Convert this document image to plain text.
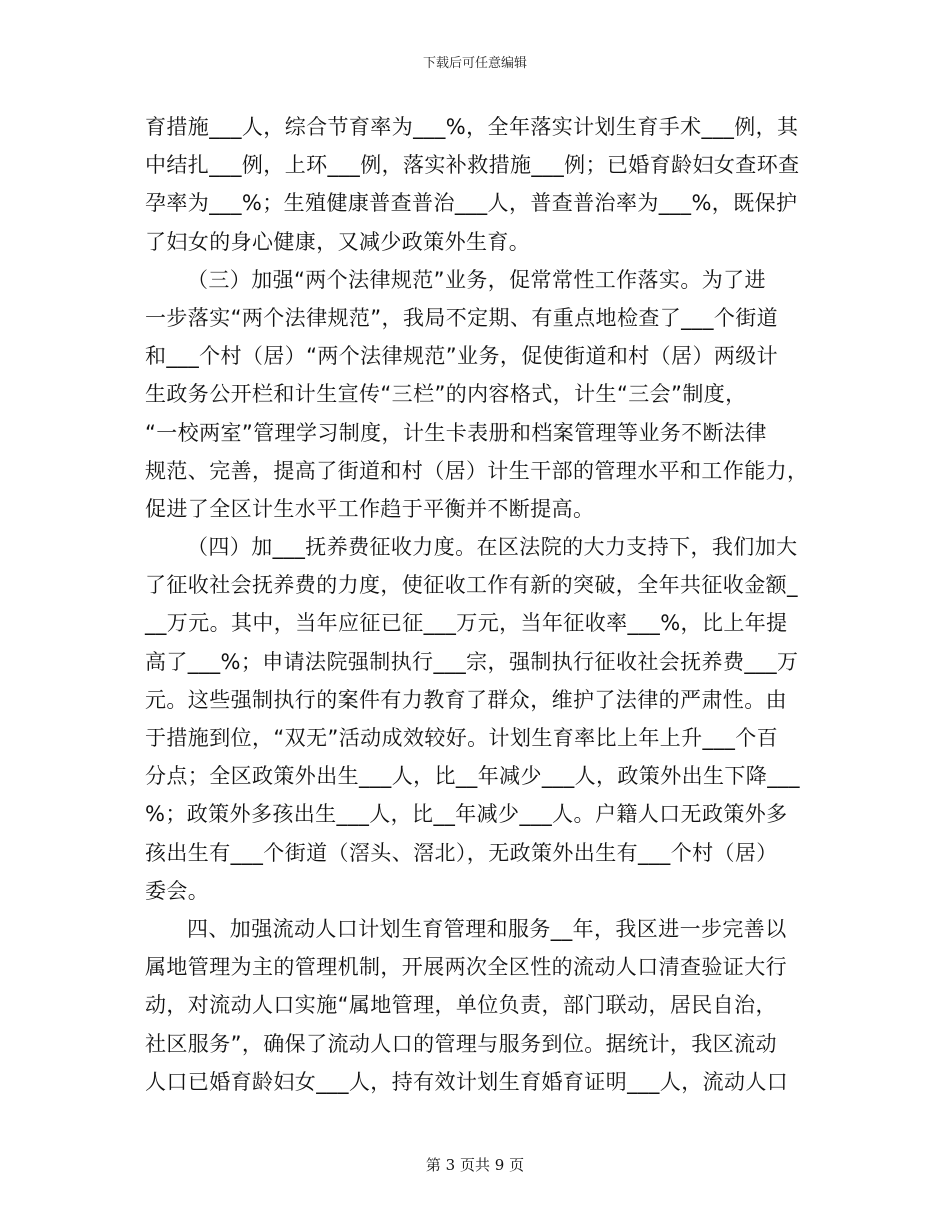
下载后可任意编辑
育措施___人，综合节育率为___%，全年落实计划生育手术___例，其
中结扎___例，上环___例，落实补救措施___例；已婚育龄妇女查环查
孕率为___%；生殖健康普查普治___人，普查普治率为___%，既保护
了妇女的身心健康，又减少政策外生育。
（三）加强“两个法律规范”业务，促常常性工作落实。为了进
一步落实“两个法律规范”，我局不定期、有重点地检查了___个街道
和___个村（居）“两个法律规范”业务，促使街道和村（居）两级计
生政务公开栏和计生宣传“三栏”的内容格式，计生“三会”制度，
“一校两室”管理学习制度，计生卡表册和档案管理等业务不断法律
规范、完善，提高了街道和村（居）计生干部的管理水平和工作能力，
促进了全区计生水平工作趋于平衡并不断提高。
（四）加___抚养费征收力度。在区法院的大力支持下，我们加大
了征收社会抚养费的力度，使征收工作有新的突破，全年共征收金额_
__万元。其中，当年应征已征___万元，当年征收率___%，比上年提
高了___%；申请法院强制执行___宗，强制执行征收社会抚养费___万
元。这些强制执行的案件有力教育了群众，维护了法律的严肃性。由
于措施到位，“双无”活动成效较好。计划生育率比上年上升___个百
分点；全区政策外出生___人，比__年减少___人，政策外出生下降___
%；政策外多孩出生___人，比__年减少___人。户籍人口无政策外多
孩出生有___个街道（滘头、滘北），无政策外出生有___个村（居）
委会。
四、加强流动人口计划生育管理和服务__年，我区进一步完善以
属地管理为主的管理机制，开展两次全区性的流动人口清查验证大行
动，对流动人口实施“属地管理，单位负责，部门联动，居民自治，
社区服务”，确保了流动人口的管理与服务到位。据统计，我区流动
人口已婚育龄妇女___人，持有效计划生育婚育证明___人，流动人口
第 3 页共 9 页
